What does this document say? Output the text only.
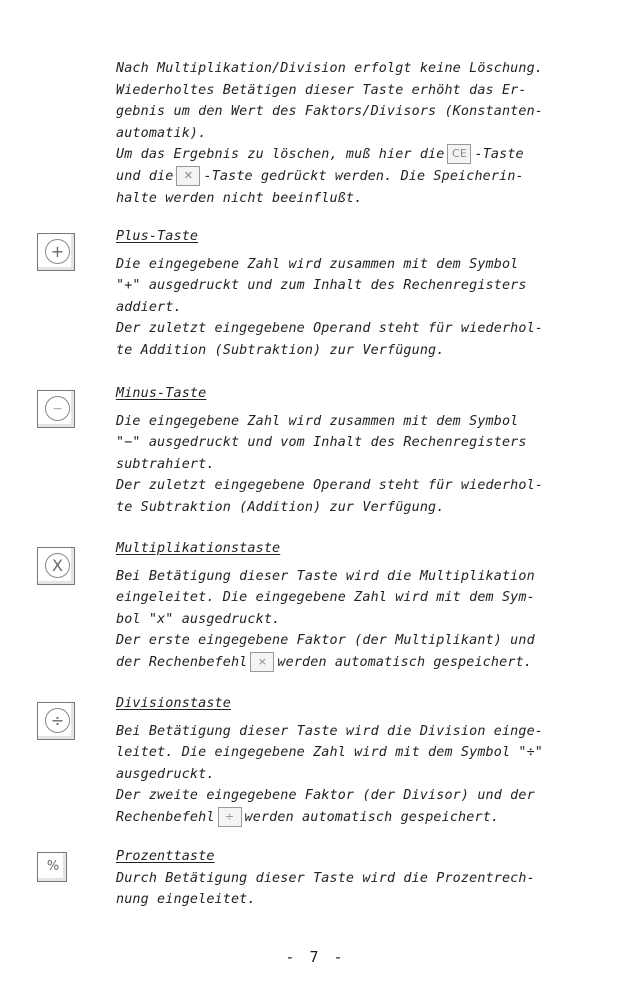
Nach Multiplikation/Division erfolgt keine Löschung.
Wiederholtes Betätigen dieser Taste erhöht das Er-
gebnis um den Wert des Faktors/Divisors (Konstanten-
automatik).
Um das Ergebnis zu löschen, muß hier die CE -Taste
und die ✕ -Taste gedrückt werden. Die Speicherin-
halte werden nicht beeinflußt.
+
Plus-Taste
Die eingegebene Zahl wird zusammen mit dem Symbol
"+" ausgedruckt und zum Inhalt des Rechenregisters
addiert.
Der zuletzt eingegebene Operand steht für wiederhol-
te Addition (Subtraktion) zur Verfügung.
—
Minus-Taste
Die eingegebene Zahl wird zusammen mit dem Symbol
"−" ausgedruckt und vom Inhalt des Rechenregisters
subtrahiert.
Der zuletzt eingegebene Operand steht für wiederhol-
te Subtraktion (Addition) zur Verfügung.
X
Multiplikationstaste
Bei Betätigung dieser Taste wird die Multiplikation
eingeleitet. Die eingegebene Zahl wird mit dem Sym-
bol "x" ausgedruckt.
Der erste eingegebene Faktor (der Multiplikant) und
der Rechenbefehl × werden automatisch gespeichert.
÷
Divisionstaste
Bei Betätigung dieser Taste wird die Division einge-
leitet. Die eingegebene Zahl wird mit dem Symbol "÷"
ausgedruckt.
Der zweite eingegebene Faktor (der Divisor) und der
Rechenbefehl ÷ werden automatisch gespeichert.
%
Prozenttaste
Durch Betätigung dieser Taste wird die Prozentrech-
nung eingeleitet.
- 7 -
